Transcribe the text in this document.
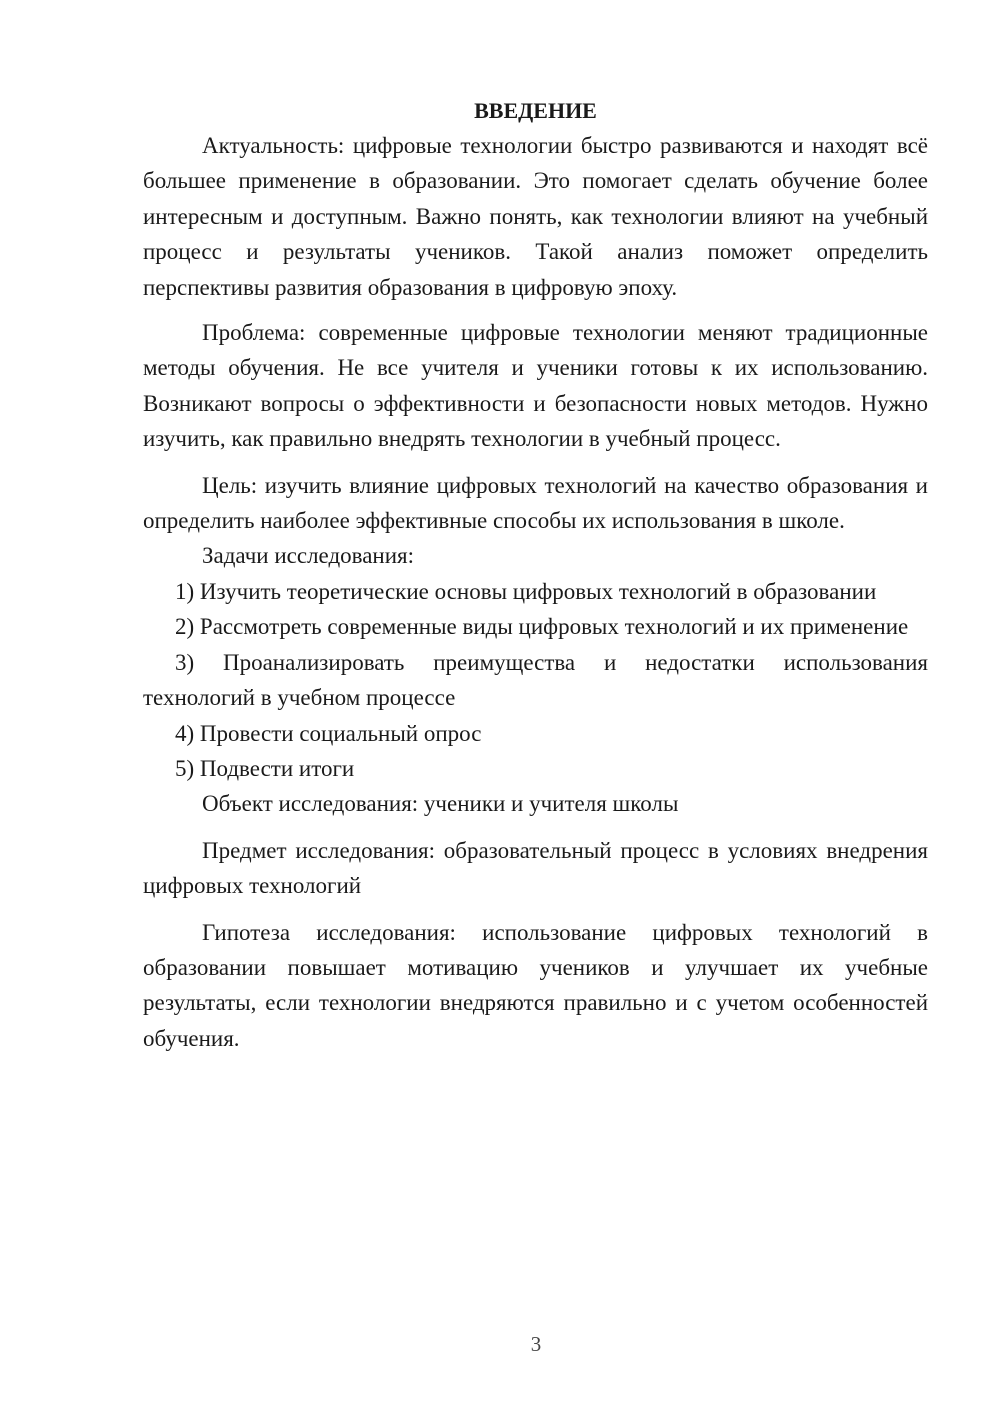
ВВЕДЕНИЕ

Актуальность: цифровые технологии быстро развиваются и находят всё большее применение в образовании. Это помогает сделать обучение более интересным и доступным. Важно понять, как технологии влияют на учебный процесс и результаты учеников. Такой анализ поможет определить перспективы развития образования в цифровую эпоху.

Проблема: современные цифровые технологии меняют традиционные методы обучения. Не все учителя и ученики готовы к их использованию. Возникают вопросы о эффективности и безопасности новых методов. Нужно изучить, как правильно внедрять технологии в учебный процесс.

Цель: изучить влияние цифровых технологий на качество образования и определить наиболее эффективные способы их использования в школе.

Задачи исследования:

1) Изучить теоретические основы цифровых технологий в образовании

2) Рассмотреть современные виды цифровых технологий и их применение

3) Проанализировать преимущества и недостатки использования технологий в учебном процессе

4) Провести социальный опрос

5) Подвести итоги

Объект исследования: ученики и учителя школы

Предмет исследования: образовательный процесс в условиях внедрения цифровых технологий

Гипотеза исследования: использование цифровых технологий в образовании повышает мотивацию учеников и улучшает их учебные результаты, если технологии внедряются правильно и с учетом особенностей обучения.

3
